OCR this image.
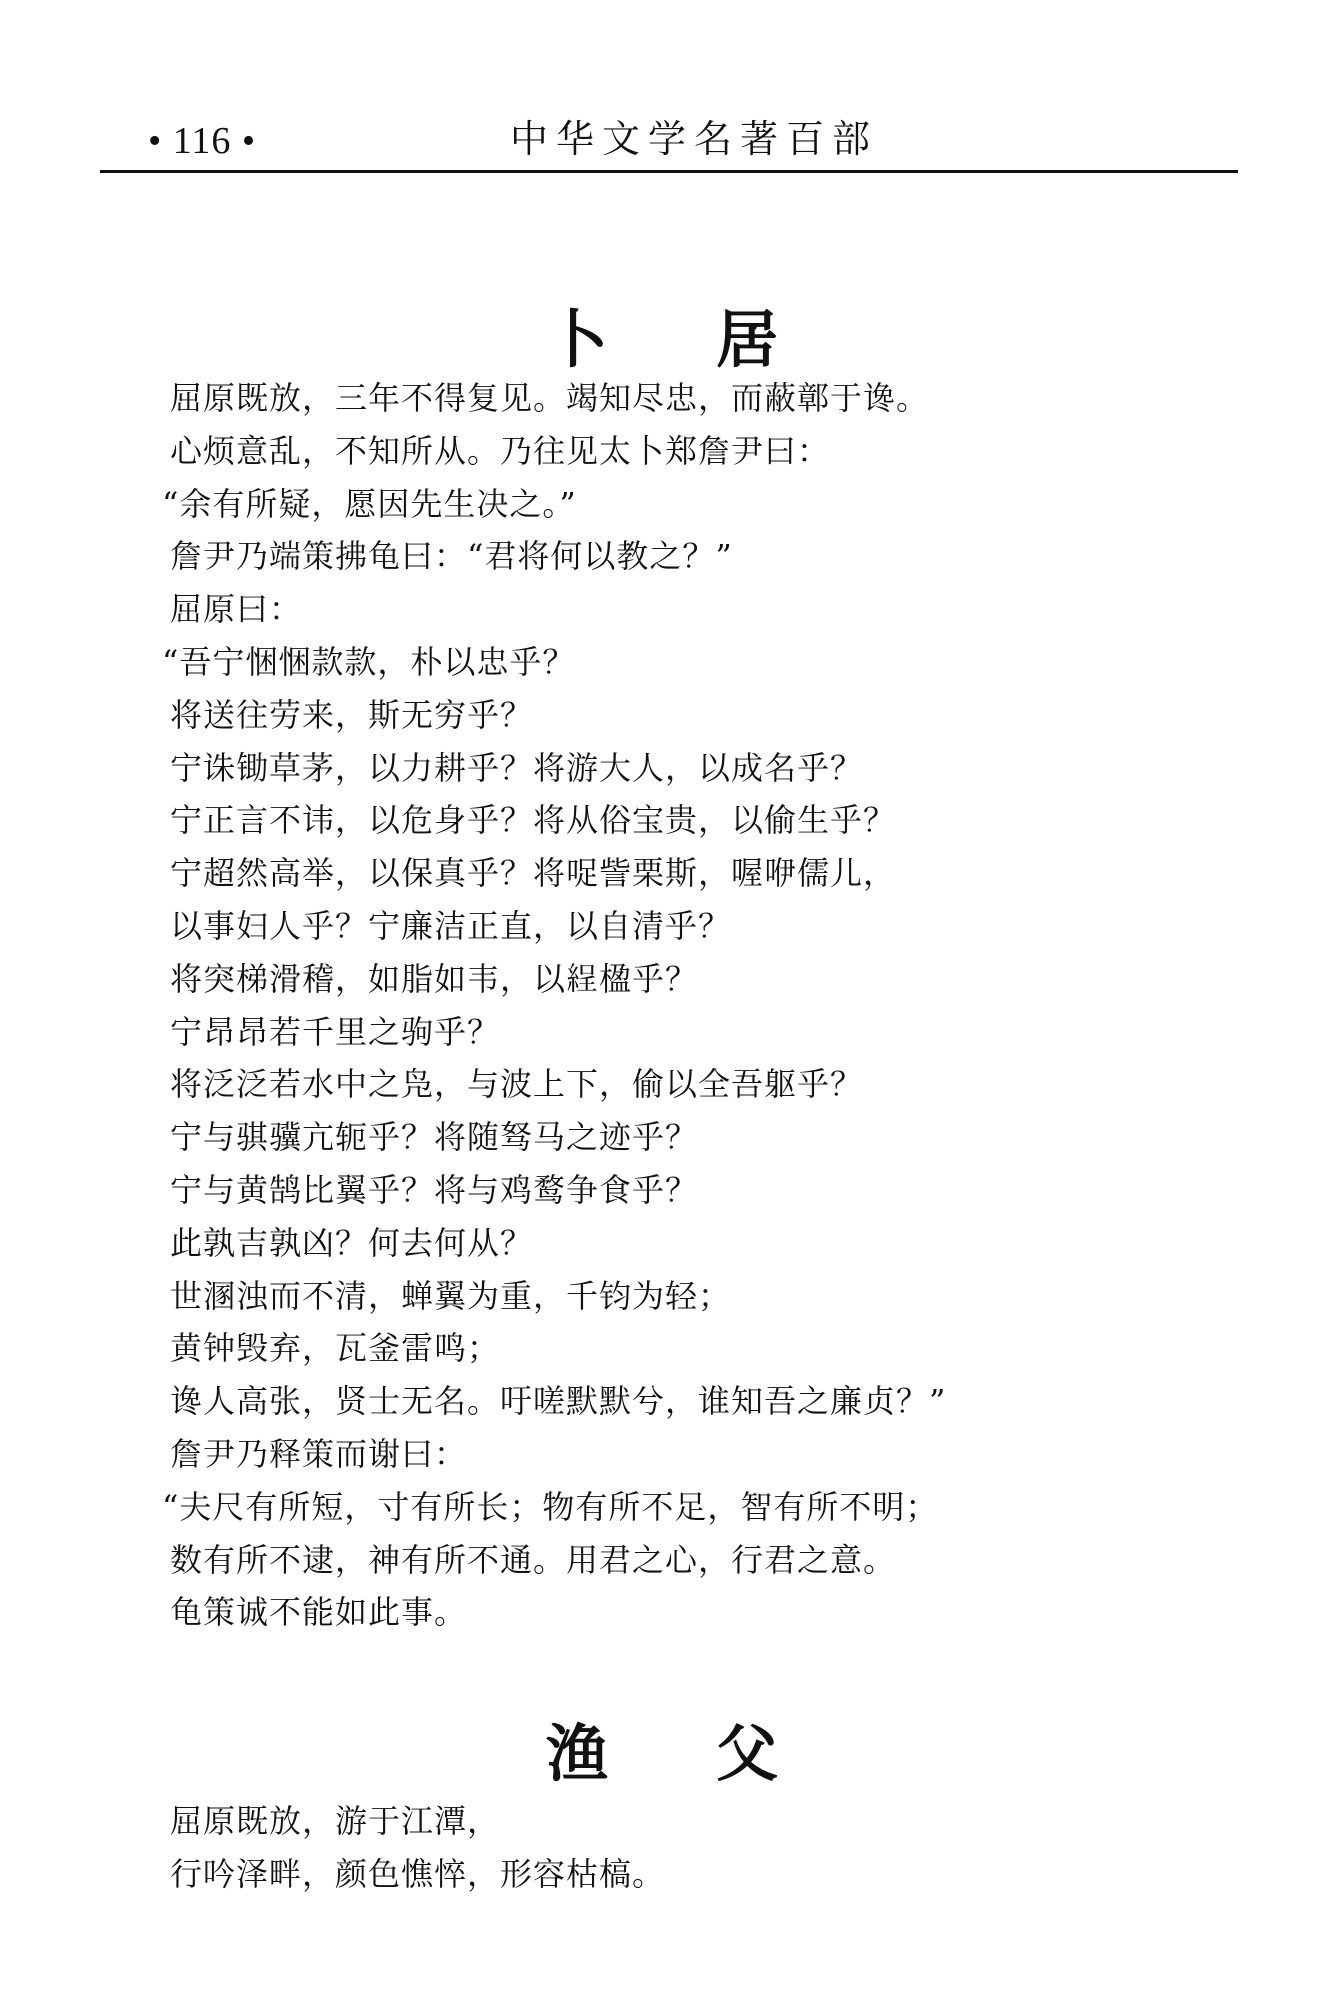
• 116 •	中华文学名著百部
卜 居
屈原既放，三年不得复见。竭知尽忠，而蔽鄣于谗。
心烦意乱，不知所从。乃往见太卜郑詹尹曰：
“余有所疑，愿因先生决之。”
詹尹乃端策拂龟曰：“君将何以教之？”
屈原曰：
“吾宁悃悃款款，朴以忠乎？
将送往劳来，斯无穷乎？
宁诛锄草茅，以力耕乎？将游大人，以成名乎？
宁正言不讳，以危身乎？将从俗宝贵，以偷生乎？
宁超然高举，以保真乎？将哫訾栗斯，喔咿儒儿，
以事妇人乎？宁廉洁正直，以自清乎？
将突梯滑稽，如脂如韦，以𦀚楹乎？
宁昂昂若千里之驹乎？
将泛泛若水中之凫，与波上下，偷以全吾躯乎？
宁与骐骥亢轭乎？将随驽马之迹乎？
宁与黄鹄比翼乎？将与鸡鹜争食乎？
此孰吉孰凶？何去何从？
世溷浊而不清，蝉翼为重，千钧为轻；
黄钟毁弃，瓦釜雷鸣；
谗人高张，贤士无名。吁嗟默默兮，谁知吾之廉贞？”
詹尹乃释策而谢曰：
“夫尺有所短，寸有所长；物有所不足，智有所不明；
数有所不逮，神有所不通。用君之心，行君之意。
龟策诚不能如此事。
渔 父
屈原既放，游于江潭，
行吟泽畔，颜色憔悴，形容枯槁。
